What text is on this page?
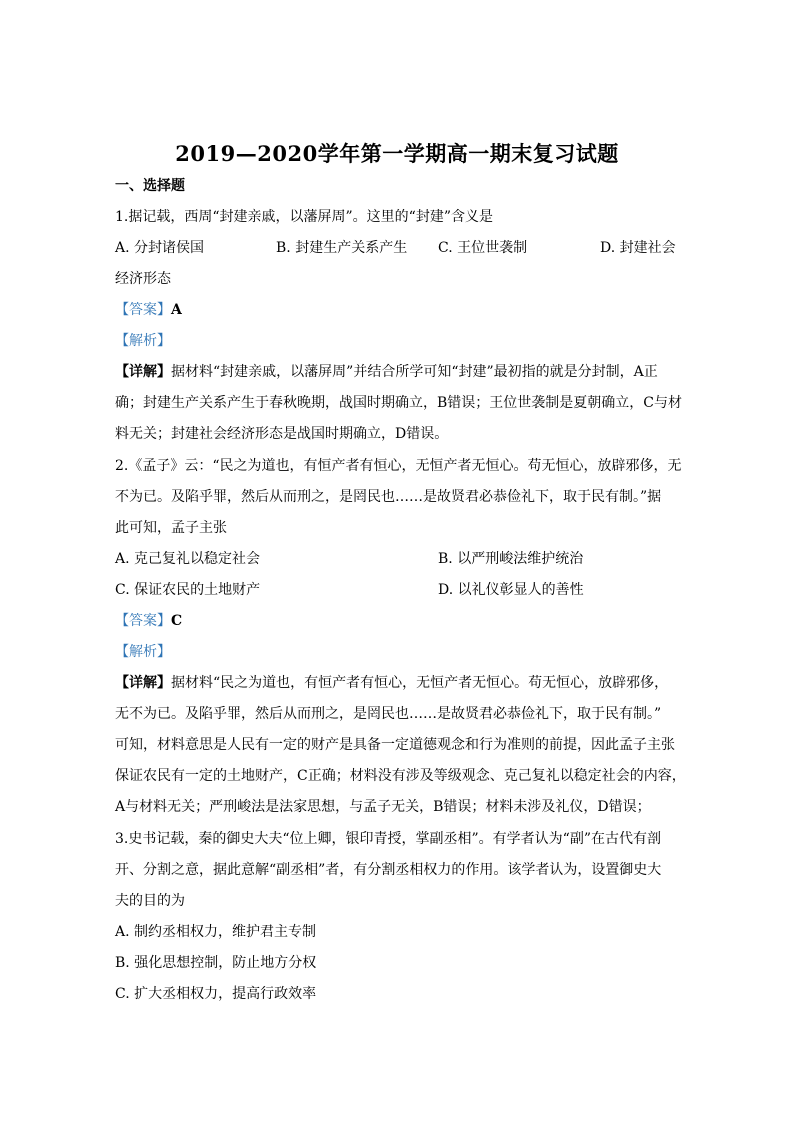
2019—2020学年第一学期高一期末复习试题
一、选择题
1.据记载，西周“封建亲戚，以藩屏周”。这里的“封建”含义是
A. 分封诸侯国	B. 封建生产关系产生 C. 王位世袭制	D. 封建社会
经济形态
【答案】A
【解析】
【详解】据材料“封建亲戚，以藩屏周”并结合所学可知“封建”最初指的就是分封制，A正
确；封建生产关系产生于春秋晚期，战国时期确立，B错误；王位世袭制是夏朝确立，C与材
料无关；封建社会经济形态是战国时期确立，D错误。
2.《孟子》云：“民之为道也，有恒产者有恒心，无恒产者无恒心。苟无恒心，放辟邪侈，无
不为已。及陷乎罪，然后从而刑之，是罔民也……是故贤君必恭俭礼下，取于民有制。”据
此可知，孟子主张
A. 克己复礼以稳定社会	B. 以严刑峻法维护统治
C. 保证农民的土地财产	D. 以礼仪彰显人的善性
【答案】C
【解析】
【详解】据材料“民之为道也，有恒产者有恒心，无恒产者无恒心。苟无恒心，放辟邪侈，
无不为已。及陷乎罪，然后从而刑之，是罔民也……是故贤君必恭俭礼下，取于民有制。”
可知，材料意思是人民有一定的财产是具备一定道德观念和行为准则的前提，因此孟子主张
保证农民有一定的土地财产，C正确；材料没有涉及等级观念、克己复礼以稳定社会的内容，
A与材料无关；严刑峻法是法家思想，与孟子无关，B错误；材料未涉及礼仪，D错误；
3.史书记载，秦的御史大夫“位上卿，银印青授，掌副丞相”。有学者认为“副”在古代有剖
开、分割之意，据此意解“副丞相”者，有分割丞相权力的作用。该学者认为，设置御史大
夫的目的为
A. 制约丞相权力，维护君主专制
B. 强化思想控制，防止地方分权
C. 扩大丞相权力，提高行政效率
